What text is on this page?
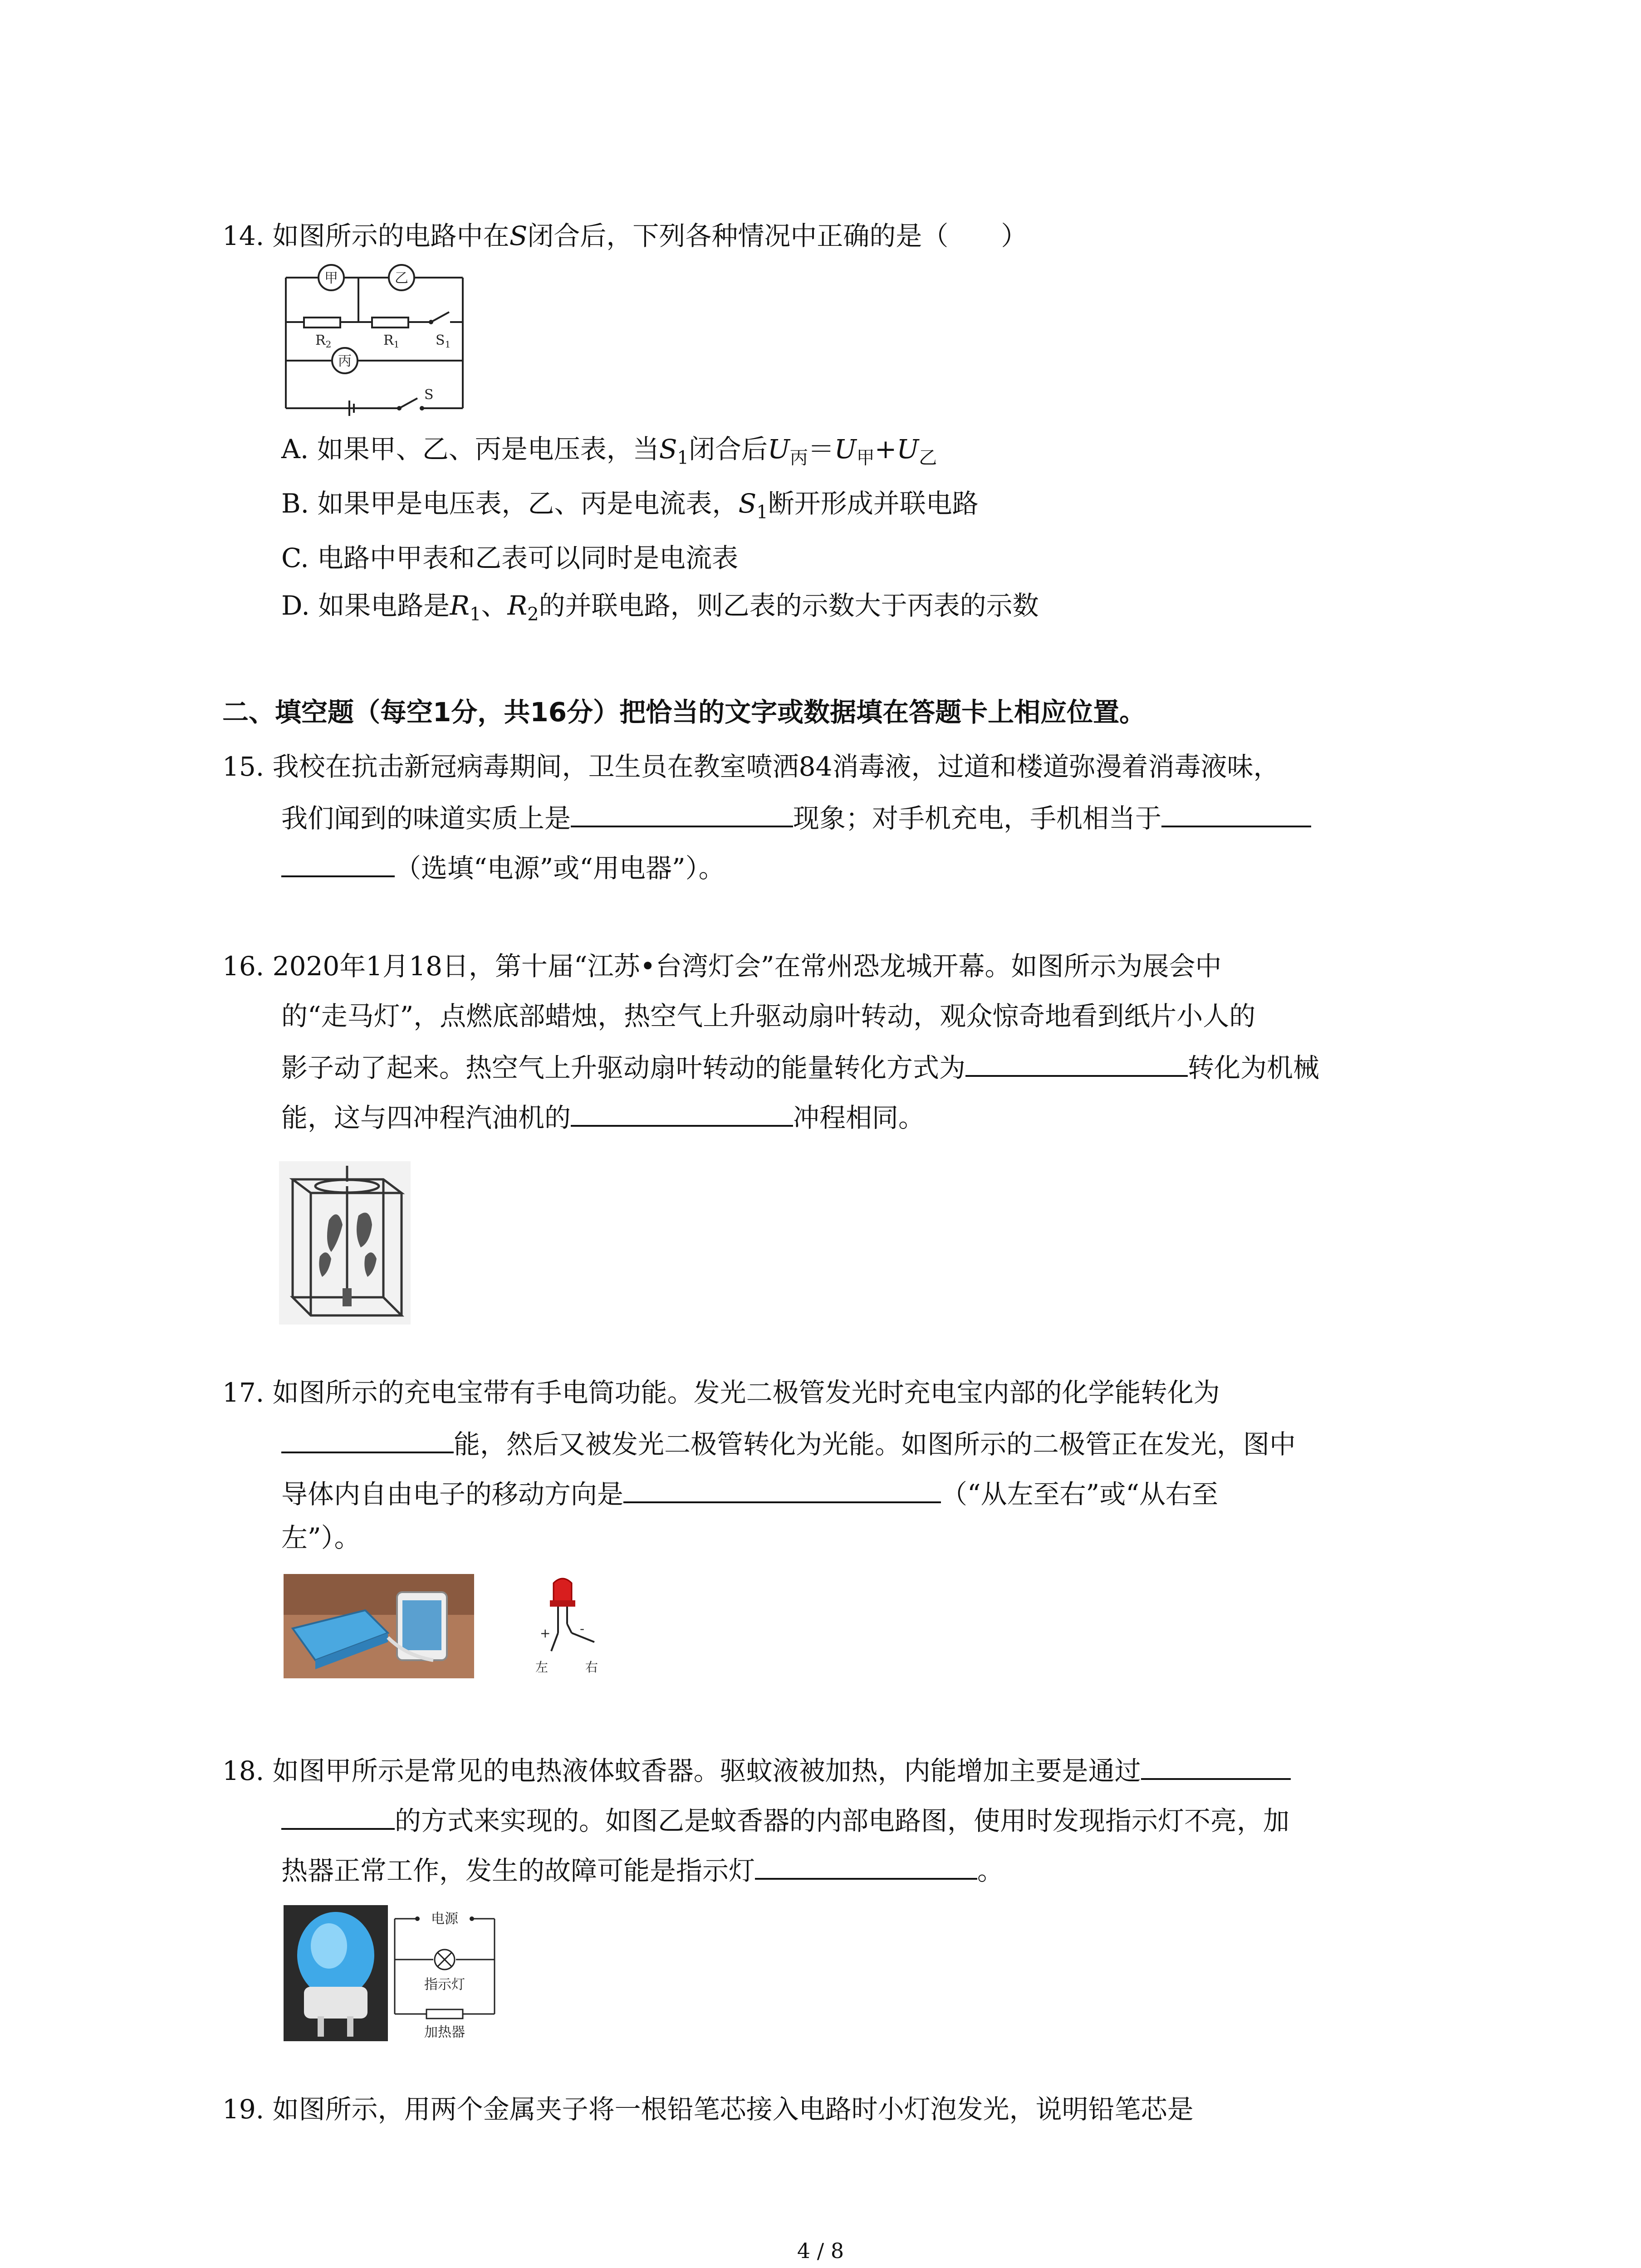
14. 如图所示的电路中在S闭合后，下列各种情况中正确的是（　　）
甲	乙
丙
$R_2$	$R_1$	$S_1$
S
A. 如果甲、乙、丙是电压表，当$S_1$闭合后$U_丙=U_甲+U_乙$
B. 如果甲是电压表，乙、丙是电流表，$S_1$断开形成并联电路
C. 电路中甲表和乙表可以同时是电流表
D. 如果电路是$R_1$、$R_2$的并联电路，则乙表的示数大于丙表的示数
二、填空题（每空1分，共16分）把恰当的文字或数据填在答题卡上相应位置。
15. 我校在抗击新冠病毒期间，卫生员在教室喷洒84消毒液，过道和楼道弥漫着消毒液味，
我们闻到的味道实质上是	现象；对手机充电，手机相当于
（选填“电源”或“用电器”）。
16. 2020年1月18日，第十届“江苏•台湾灯会”在常州恐龙城开幕。如图所示为展会中
的“走马灯”，点燃底部蜡烛，热空气上升驱动扇叶转动，观众惊奇地看到纸片小人的
影子动了起来。热空气上升驱动扇叶转动的能量转化方式为	转化为机械
能，这与四冲程汽油机的	冲程相同。
17. 如图所示的充电宝带有手电筒功能。发光二极管发光时充电宝内部的化学能转化为
能，然后又被发光二极管转化为光能。如图所示的二极管正在发光，图中
导体内自由电子的移动方向是	（“从左至右”或“从右至
左”）。
+ -
左	右
18. 如图甲所示是常见的电热液体蚊香器。驱蚊液被加热，内能增加主要是通过
的方式来实现的。如图乙是蚊香器的内部电路图，使用时发现指示灯不亮，加
热器正常工作，发生的故障可能是指示灯	。
电源
指示灯
加热器
19. 如图所示，用两个金属夹子将一根铅笔芯接入电路时小灯泡发光，说明铅笔芯是
4 / 8
